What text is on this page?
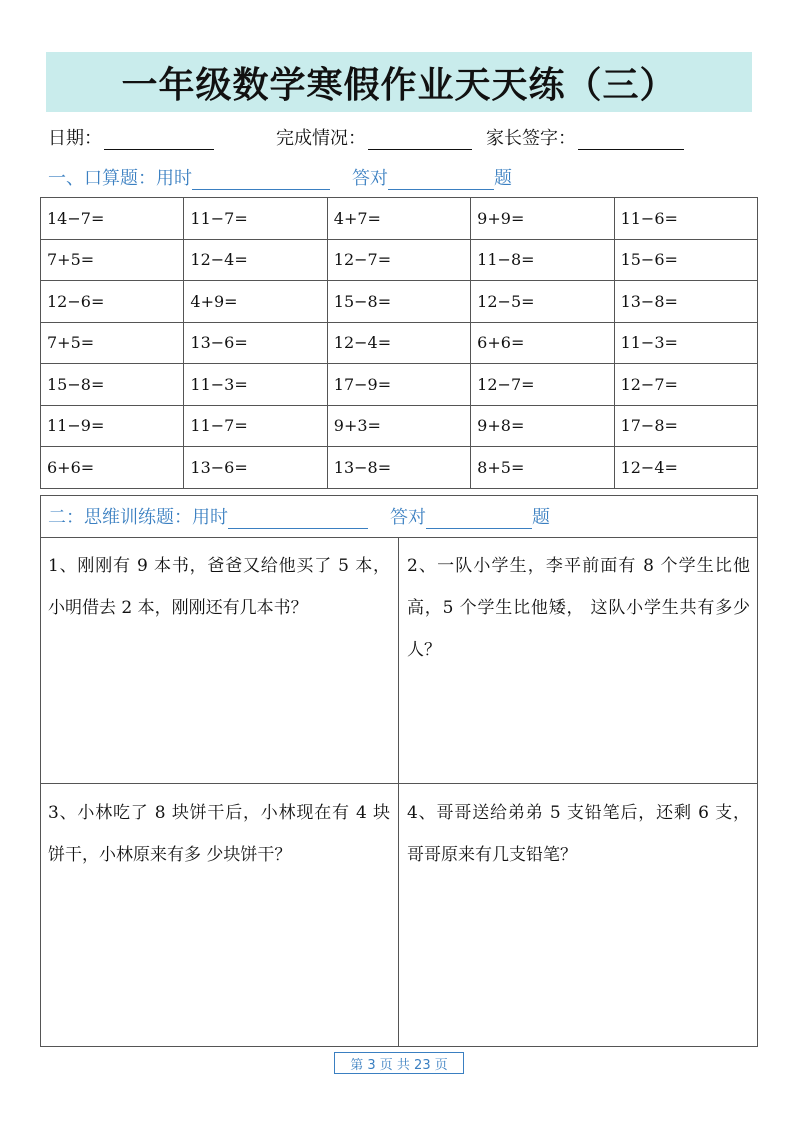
一年级数学寒假作业天天练（三）
日期：	完成情况：	家长签字：
一、口算题：用时	答对	题
14−7=	11−7=	4+7=	9+9=	11−6=
7+5=	12−4=	12−7=	11−8=	15−6=
12−6=	4+9=	15−8=	12−5=	13−8=
7+5=	13−6=	12−4=	6+6=	11−3=
15−8=	11−3=	17−9=	12−7=	12−7=
11−9=	11−7=	9+3=	9+8=	17−8=
6+6=	13−6=	13−8=	8+5=	12−4=
二：思维训练题：用时	答对	题
1、刚刚有 9 本书，爸爸又给他买了 5 本，小明借去 2 本，刚刚还有几本书？
2、一队小学生，李平前面有 8 个学生比他高，5 个学生比他矮， 这队小学生共有多少人？
3、小林吃了 8 块饼干后，小林现在有 4 块饼干，小林原来有多 少块饼干？
4、哥哥送给弟弟 5 支铅笔后，还剩 6 支，哥哥原来有几支铅笔？
第 3 页 共 23 页
